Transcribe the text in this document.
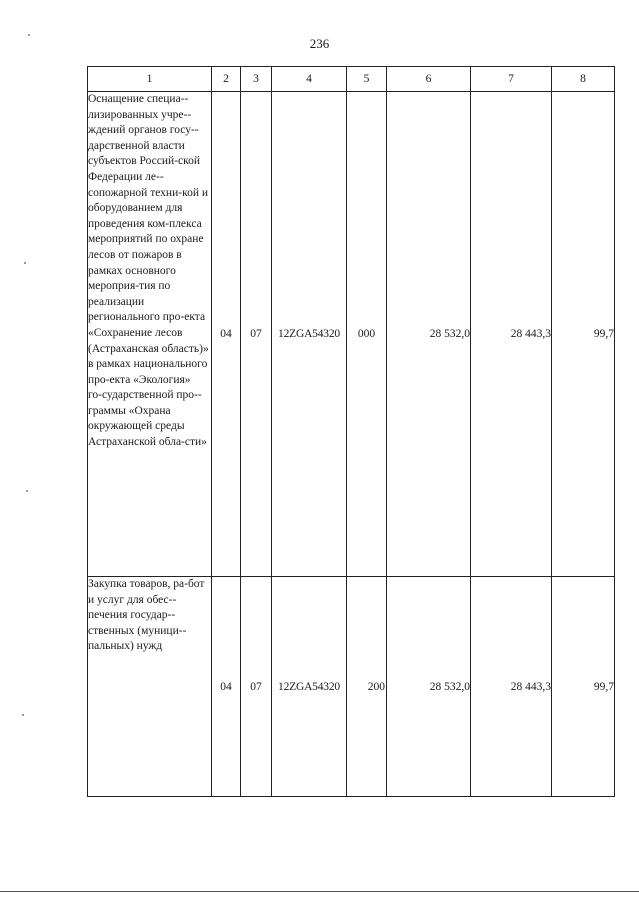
236
1	2	3	4	5	6	7	8

Оснащение специа-лизированных учре-ждений органов госу-дарственной власти субъектов Россий-ской Федерации ле-сопожарной техни-кой и оборудованием для проведения ком-плекса мероприятий по охране лесов от пожаров в рамках основного мероприя-тия по реализации регионального про-екта «Сохранение лесов (Астраханская область)» в рамках национального про-екта «Экология» го-сударственной про-граммы «Охрана окружающей среды Астраханской обла-сти»	04	07	12ZGA54320	000	28 532,0	28 443,3	99,7

Закупка товаров, ра-бот и услуг для обес-печения государ-ственных (муници-пальных) нужд	04	07	12ZGA54320	200	28 532,0	28 443,3	99,7
